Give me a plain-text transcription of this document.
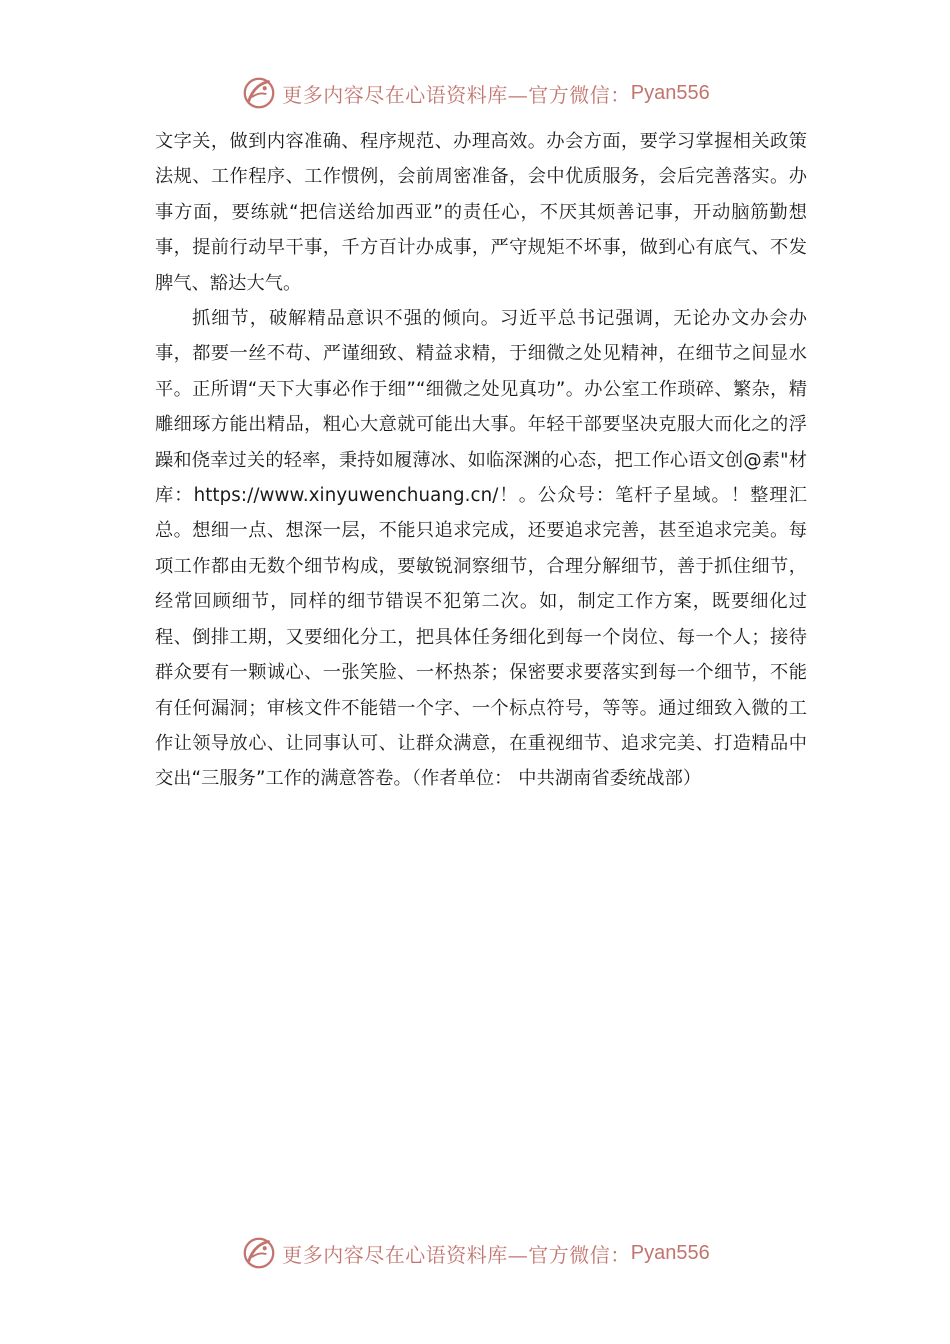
更多内容尽在心语资料库—官方微信： Pyan556

文字关，做到内容准确、程序规范、办理高效。办会方面，要学习掌握相关政策法规、工作程序、工作惯例，会前周密准备，会中优质服务，会后完善落实。办事方面，要练就“把信送给加西亚”的责任心，不厌其烦善记事，开动脑筋勤想事，提前行动早干事，千方百计办成事，严守规矩不坏事，做到心有底气、不发脾气、豁达大气。

抓细节，破解精品意识不强的倾向。习近平总书记强调，无论办文办会办事，都要一丝不苟、严谨细致、精益求精，于细微之处见精神，在细节之间显水平。正所谓“天下大事必作于细”“细微之处见真功”。办公室工作琐碎、繁杂，精雕细琢方能出精品，粗心大意就可能出大事。年轻干部要坚决克服大而化之的浮躁和侥幸过关的轻率，秉持如履薄冰、如临深渊的心态，把工作心语文创@素"材库：https://www.xinyuwenchuang.cn/！。公众号：笔杆子星域。！整理汇总。想细一点、想深一层，不能只追求完成，还要追求完善，甚至追求完美。每项工作都由无数个细节构成，要敏锐洞察细节，合理分解细节，善于抓住细节，经常回顾细节，同样的细节错误不犯第二次。如，制定工作方案，既要细化过程、倒排工期，又要细化分工，把具体任务细化到每一个岗位、每一个人；接待群众要有一颗诚心、一张笑脸、一杯热茶；保密要求要落实到每一个细节，不能有任何漏洞；审核文件不能错一个字、一个标点符号，等等。通过细致入微的工作让领导放心、让同事认可、让群众满意，在重视细节、追求完美、打造精品中交出“三服务”工作的满意答卷。（作者单位： 中共湖南省委统战部）

更多内容尽在心语资料库—官方微信： Pyan556
